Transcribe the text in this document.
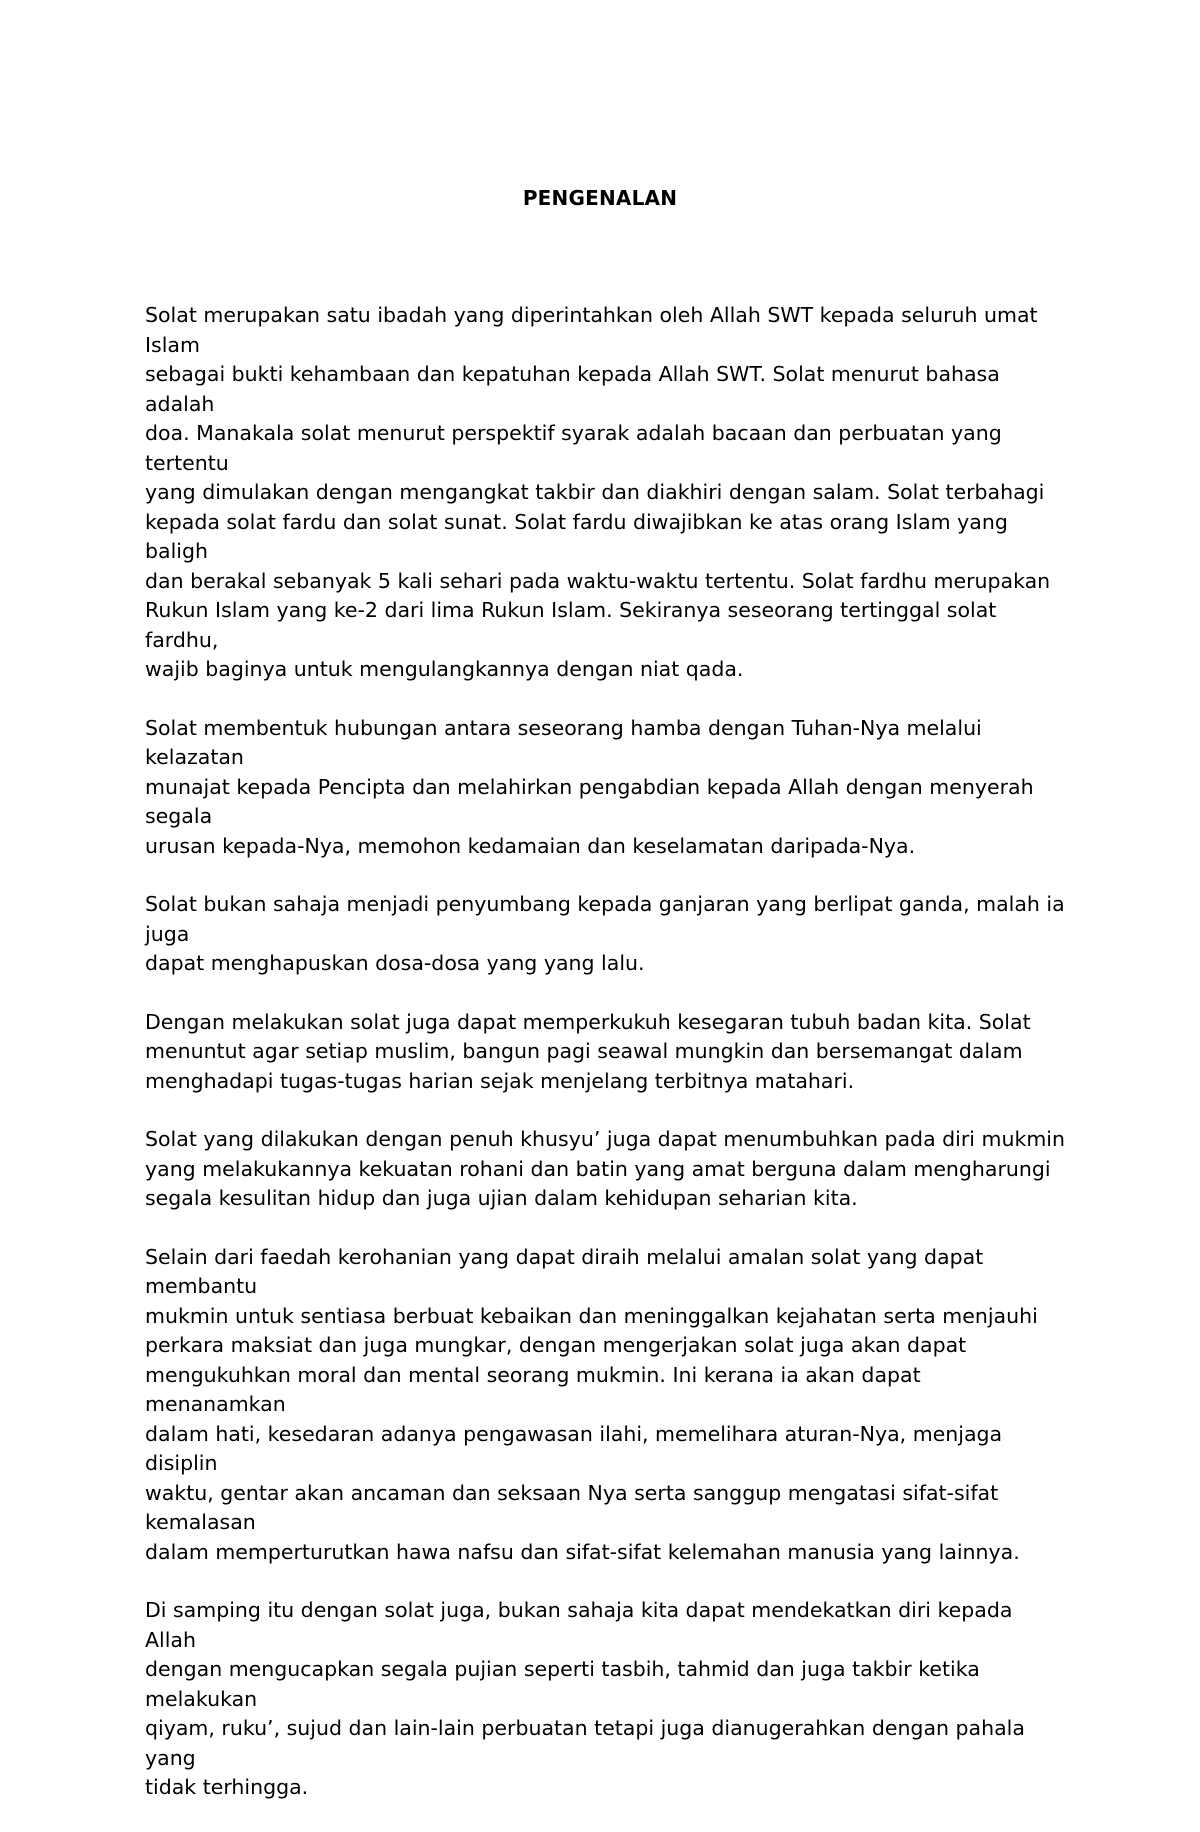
PENGENALAN

Solat merupakan satu ibadah yang diperintahkan oleh Allah SWT kepada seluruh umat Islam
sebagai bukti kehambaan dan kepatuhan kepada Allah SWT. Solat menurut bahasa adalah
doa. Manakala solat menurut perspektif syarak adalah bacaan dan perbuatan yang tertentu
yang dimulakan dengan mengangkat takbir dan diakhiri dengan salam. Solat terbahagi
kepada solat fardu dan solat sunat. Solat fardu diwajibkan ke atas orang Islam yang baligh
dan berakal sebanyak 5 kali sehari pada waktu-waktu tertentu. Solat fardhu merupakan
Rukun Islam yang ke-2 dari lima Rukun Islam. Sekiranya seseorang tertinggal solat fardhu,
wajib baginya untuk mengulangkannya dengan niat qada.

Solat membentuk hubungan antara seseorang hamba dengan Tuhan-Nya melalui kelazatan
munajat kepada Pencipta dan melahirkan pengabdian kepada Allah dengan menyerah segala
urusan kepada-Nya, memohon kedamaian dan keselamatan daripada-Nya.

Solat bukan sahaja menjadi penyumbang kepada ganjaran yang berlipat ganda, malah ia juga
dapat menghapuskan dosa-dosa yang yang lalu.

Dengan melakukan solat juga dapat memperkukuh kesegaran tubuh badan kita. Solat
menuntut agar setiap muslim, bangun pagi seawal mungkin dan bersemangat dalam
menghadapi tugas-tugas harian sejak menjelang terbitnya matahari.

Solat yang dilakukan dengan penuh khusyu’ juga dapat menumbuhkan pada diri mukmin
yang melakukannya kekuatan rohani dan batin yang amat berguna dalam mengharungi
segala kesulitan hidup dan juga ujian dalam kehidupan seharian kita.

Selain dari faedah kerohanian yang dapat diraih melalui amalan solat yang dapat membantu
mukmin untuk sentiasa berbuat kebaikan dan meninggalkan kejahatan serta menjauhi
perkara maksiat dan juga mungkar, dengan mengerjakan solat juga akan dapat
mengukuhkan moral dan mental seorang mukmin. Ini kerana ia akan dapat menanamkan
dalam hati, kesedaran adanya pengawasan ilahi, memelihara aturan-Nya, menjaga disiplin
waktu, gentar akan ancaman dan seksaan Nya serta sanggup mengatasi sifat-sifat kemalasan
dalam memperturutkan hawa nafsu dan sifat-sifat kelemahan manusia yang lainnya.

Di samping itu dengan solat juga, bukan sahaja kita dapat mendekatkan diri kepada Allah
dengan mengucapkan segala pujian seperti tasbih, tahmid dan juga takbir ketika melakukan
qiyam, ruku’, sujud dan lain-lain perbuatan tetapi juga dianugerahkan dengan pahala yang
tidak terhingga.
